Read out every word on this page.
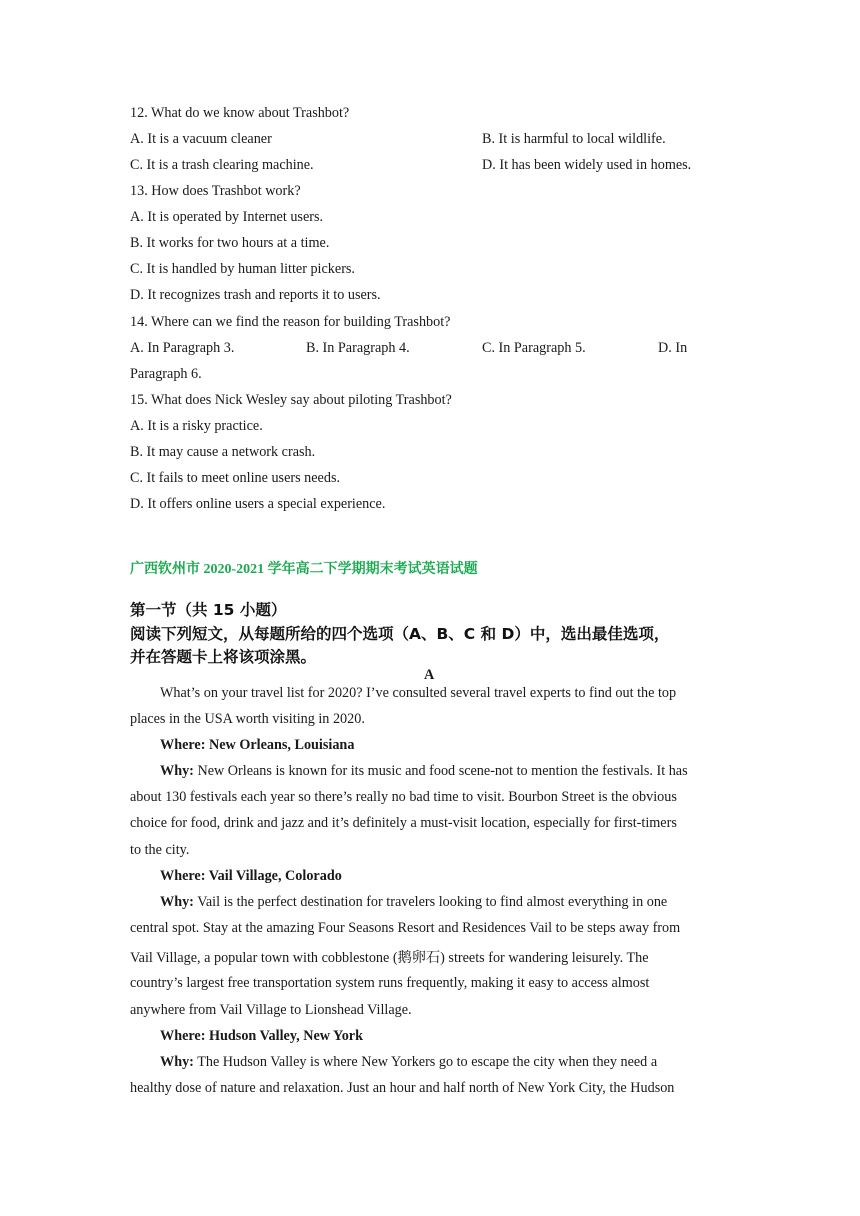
12. What do we know about Trashbot?
A. It is a vacuum cleaner	B. It is harmful to local wildlife.
C. It is a trash clearing machine.	D. It has been widely used in homes.
13. How does Trashbot work?
A. It is operated by Internet users.
B. It works for two hours at a time.
C. It is handled by human litter pickers.
D. It recognizes trash and reports it to users.
14. Where can we find the reason for building Trashbot?
A. In Paragraph 3.	B. In Paragraph 4.	C. In Paragraph 5.	D. In
Paragraph 6.
15. What does Nick Wesley say about piloting Trashbot?
A. It is a risky practice.
B. It may cause a network crash.
C. It fails to meet online users needs.
D. It offers online users a special experience.
广西钦州市 2020-2021 学年高二下学期期末考试英语试题
第一节（共 15 小题）
阅读下列短文，从每题所给的四个选项（A、B、C 和 D）中，选出最佳选项，
并在答题卡上将该项涂黑。
A
What’s on your travel list for 2020? I’ve consulted several travel experts to find out the top
places in the USA worth visiting in 2020.
Where: New Orleans, Louisiana
Why: New Orleans is known for its music and food scene-not to mention the festivals. It has
about 130 festivals each year so there’s really no bad time to visit. Bourbon Street is the obvious
choice for food, drink and jazz and it’s definitely a must-visit location, especially for first-timers
to the city.
Where: Vail Village, Colorado
Why: Vail is the perfect destination for travelers looking to find almost everything in one
central spot. Stay at the amazing Four Seasons Resort and Residences Vail to be steps away from
Vail Village, a popular town with cobblestone (鹅卵石) streets for wandering leisurely. The
country’s largest free transportation system runs frequently, making it easy to access almost
anywhere from Vail Village to Lionshead Village.
Where: Hudson Valley, New York
Why: The Hudson Valley is where New Yorkers go to escape the city when they need a
healthy dose of nature and relaxation. Just an hour and half north of New York City, the Hudson
